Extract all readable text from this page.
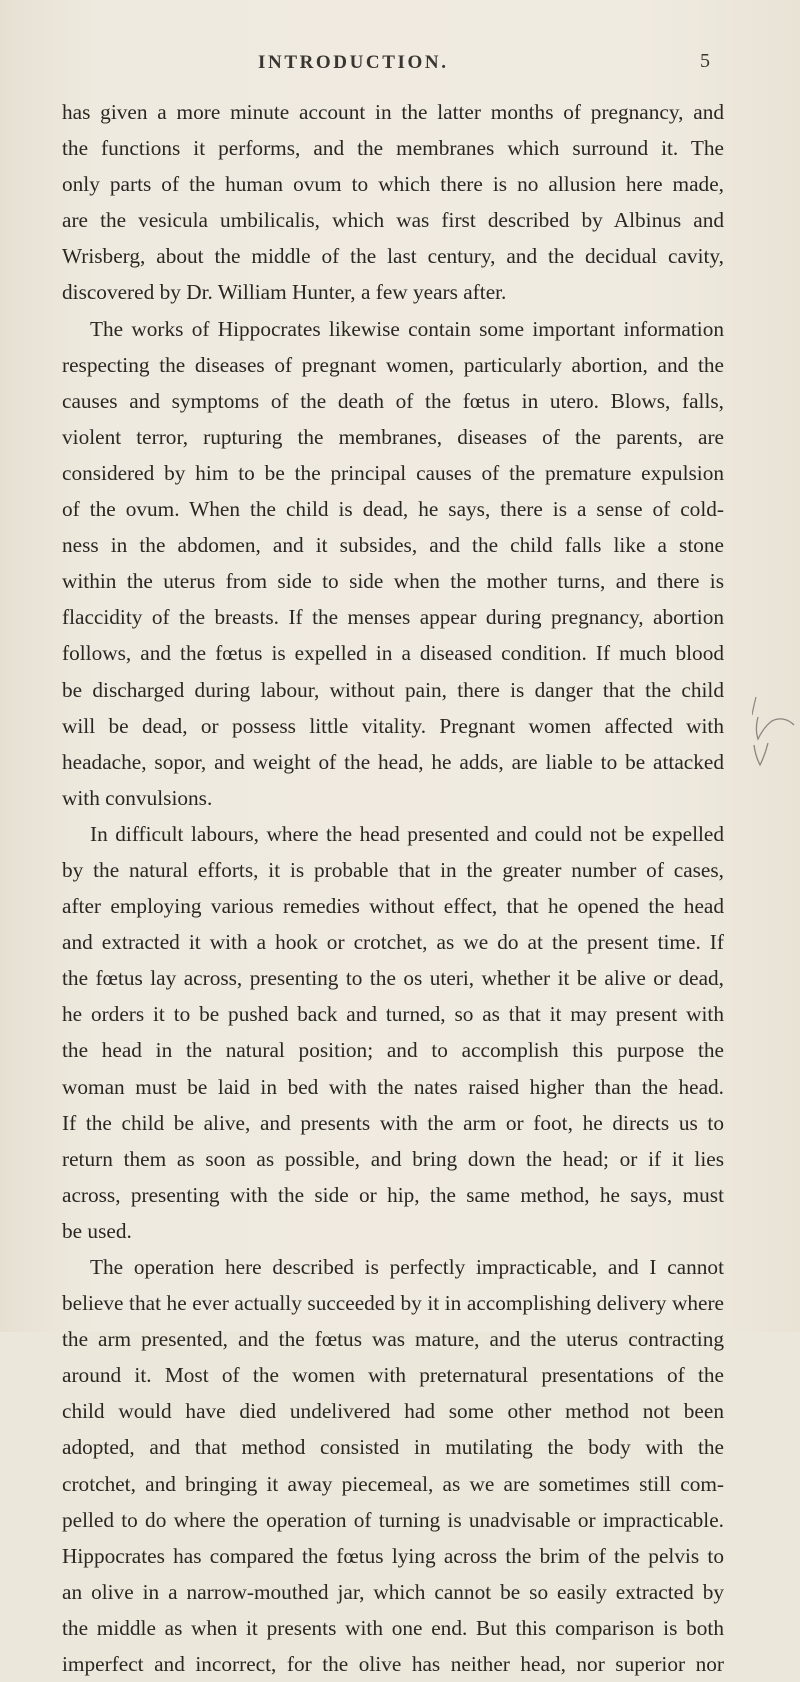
INTRODUCTION.	5
has given a more minute account in the latter months of pregnancy, and
the functions it performs, and the membranes which surround it. The
only parts of the human ovum to which there is no allusion here made,
are the vesicula umbilicalis, which was first described by Albinus and
Wrisberg, about the middle of the last century, and the decidual cavity,
discovered by Dr. William Hunter, a few years after.
The works of Hippocrates likewise contain some important information
respecting the diseases of pregnant women, particularly abortion, and the
causes and symptoms of the death of the fœtus in utero. Blows, falls,
violent terror, rupturing the membranes, diseases of the parents, are
considered by him to be the principal causes of the premature expulsion
of the ovum. When the child is dead, he says, there is a sense of cold-
ness in the abdomen, and it subsides, and the child falls like a stone
within the uterus from side to side when the mother turns, and there is
flaccidity of the breasts. If the menses appear during pregnancy, abortion
follows, and the fœtus is expelled in a diseased condition. If much blood
be discharged during labour, without pain, there is danger that the child
will be dead, or possess little vitality. Pregnant women affected with
headache, sopor, and weight of the head, he adds, are liable to be attacked
with convulsions.
In difficult labours, where the head presented and could not be expelled
by the natural efforts, it is probable that in the greater number of cases,
after employing various remedies without effect, that he opened the head
and extracted it with a hook or crotchet, as we do at the present time. If
the fœtus lay across, presenting to the os uteri, whether it be alive or dead,
he orders it to be pushed back and turned, so as that it may present with
the head in the natural position; and to accomplish this purpose the
woman must be laid in bed with the nates raised higher than the head.
If the child be alive, and presents with the arm or foot, he directs us to
return them as soon as possible, and bring down the head; or if it lies
across, presenting with the side or hip, the same method, he says, must
be used.
The operation here described is perfectly impracticable, and I cannot
believe that he ever actually succeeded by it in accomplishing delivery where
the arm presented, and the fœtus was mature, and the uterus contracting
around it. Most of the women with preternatural presentations of the
child would have died undelivered had some other method not been
adopted, and that method consisted in mutilating the body with the
crotchet, and bringing it away piecemeal, as we are sometimes still com-
pelled to do where the operation of turning is unadvisable or impracticable.
Hippocrates has compared the fœtus lying across the brim of the pelvis to
an olive in a narrow-mouthed jar, which cannot be so easily extracted by
the middle as when it presents with one end. But this comparison is both
imperfect and incorrect, for the olive has neither head, nor superior nor
